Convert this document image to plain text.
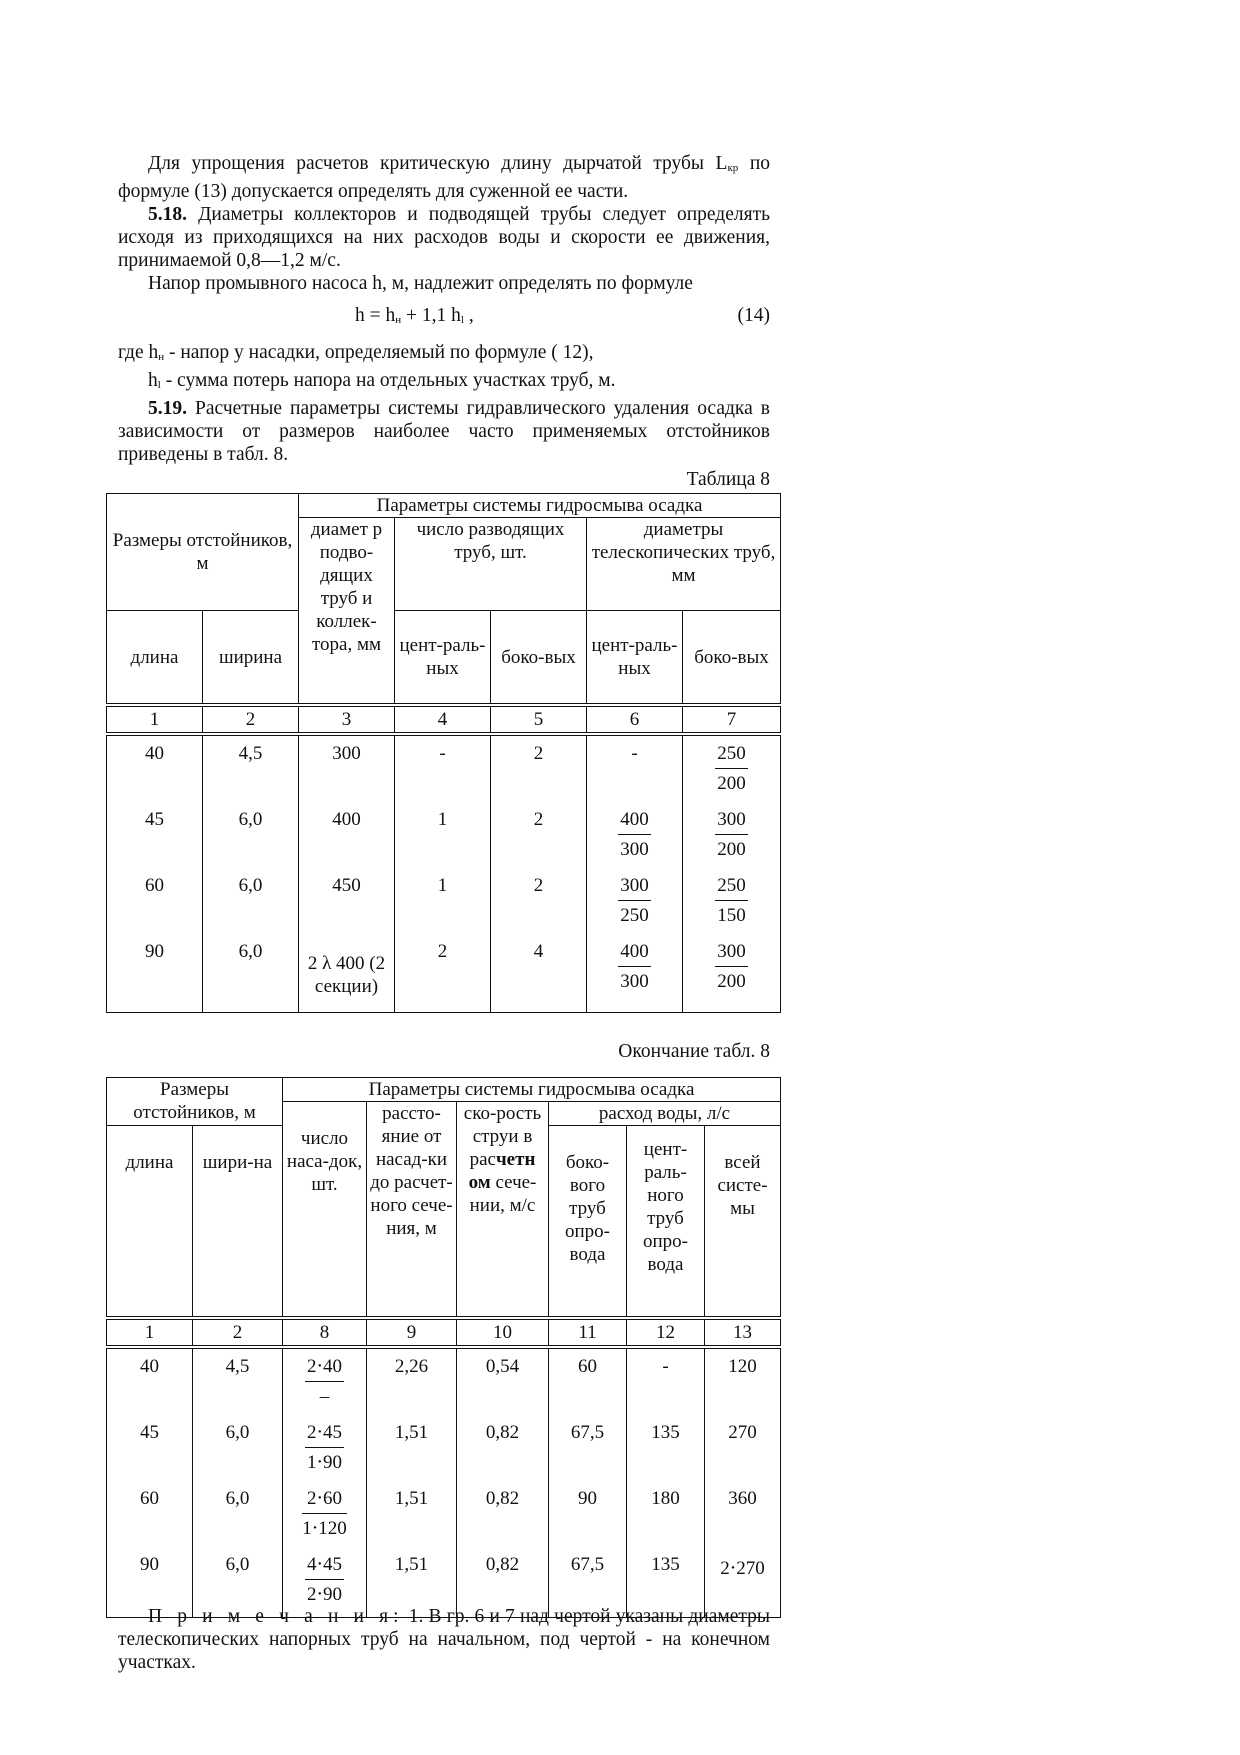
Для упрощения расчетов критическую длину дырчатой трубы $L_{кр}$ по формуле (13) допускается определять для суженной ее части.

5.18. Диаметры коллекторов и подводящей трубы следует определять исходя из приходящихся на них расходов воды и скорости ее движения, принимаемой 0,8—1,2 м/с.

Напор промывного насоса h, м, надлежит определять по формуле

$h = h_н + 1,1$ $h_l$ ,	(14)

где $h_н$ - напор у насадки, определяемый по формуле ( 12),

$h_l$ - сумма потерь напора на отдельных участках труб, м.

5.19. Расчетные параметры системы гидравлического удаления осадка в зависимости от размеров наиболее часто применяемых отстойников приведены в табл. 8.

Таблица 8
Размеры отстойников, м		Параметры системы гидросмыва осадка				
		диамет р подво-дящих труб и коллек-тора, мм	число разводящих труб, шт.		диаметры телескопических труб, мм	
длина	ширина		цент-раль-ных	боко-вых	цент-раль-ных	боко-вых
1	2	3	4	5	6	7
40	4,5	300	-	2	-	$\frac{250}{200}$

45	6,0	400	1	2	$\frac{400}{300}$	$\frac{300}{200}$

60	6,0	450	1	2	$\frac{300}{250}$	$\frac{250}{150}$

90	6,0	2 λ 400 (2 секции)	2	4	$\frac{400}{300}$	$\frac{300}{200}$
Окончание табл. 8
Размеры отстойников, м		Параметры системы гидросмыва осадка					
		число наса-док, шт.	рассто-яние от насад-ки до расчет-ного сече-ния, м	ско-рость струи в расчетн ом сече-нии, м/с	расход воды, л/с		
длина	шири-на				боко-вого труб опро-вода	цент-раль-ного труб опро-вода	всей систе-мы
1	2	8	9	10	11	12	13
40	4,5	$\frac{2\cdot 40}{-}$	2,26	0,54	60	-	120
45	6,0	$\frac{2\cdot 45}{1\cdot 90}$	1,51	0,82	67,5	135	270
60	6,0	$\frac{2\cdot 60}{1\cdot 120}$	1,51	0,82	90	180	360
90	6,0	$\frac{4\cdot 45}{2\cdot 90}$	1,51	0,82	67,5	135	2⋅270

П р и м е ч а н и я: 1. В гр. 6 и 7 над чертой указаны диаметры телескопических напорных труб на начальном, под чертой - на конечном участках.
